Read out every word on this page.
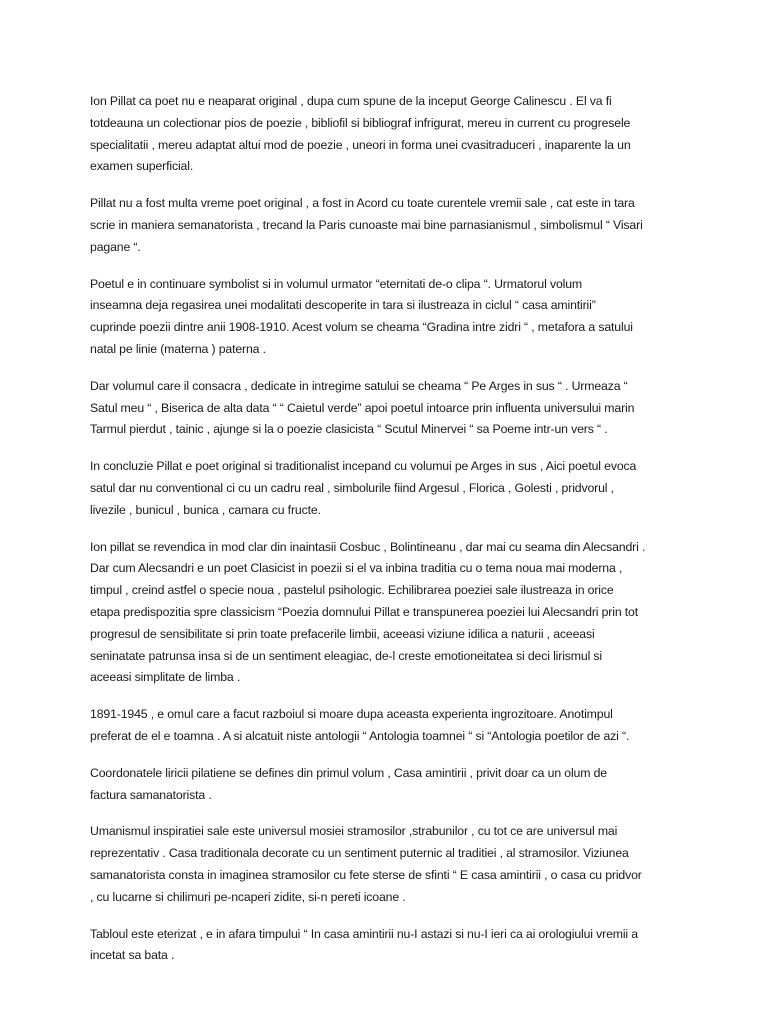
Ion Pillat ca poet nu e neaparat original , dupa cum spune de la inceput George Calinescu . El va fi
totdeauna un colectionar pios de poezie , bibliofil si bibliograf infrigurat, mereu in current cu progresele
specialitatii , mereu adaptat altui mod de poezie , uneori in forma unei cvasitraduceri , inaparente la un
examen superficial.

Pillat nu a fost multa vreme poet original , a fost in Acord cu toate curentele vremii sale , cat este in tara
scrie in maniera semanatorista , trecand la Paris cunoaste mai bine parnasianismul , simbolismul “ Visari
pagane “.

Poetul e in continuare symbolist si in volumul urmator “eternitati de-o clipa “. Urmatorul volum
inseamna deja regasirea unei modalitati descoperite in tara si ilustreaza in ciclul “ casa amintirii”
cuprinde poezii dintre anii 1908-1910. Acest volum se cheama “Gradina intre zidri “ , metafora a satului
natal pe linie (materna ) paterna .

Dar volumul care il consacra , dedicate in intregime satului se cheama “ Pe Arges in sus “ . Urmeaza “
Satul meu “ , Biserica de alta data “ “ Caietul verde” apoi poetul intoarce prin influenta universului marin
Tarmul pierdut , tainic , ajunge si la o poezie clasicista “ Scutul Minervei “ sa Poeme intr-un vers “ .

In concluzie Pillat e poet original si traditionalist incepand cu volumui pe Arges in sus , Aici poetul evoca
satul dar nu conventional ci cu un cadru real , simbolurile fiind Argesul , Florica , Golesti , pridvorul ,
livezile , bunicul , bunica , camara cu fructe.

Ion pillat se revendica in mod clar din inaintasii Cosbuc , Bolintineanu , dar mai cu seama din Alecsandri .
Dar cum Alecsandri e un poet Clasicist in poezii si el va inbina traditia cu o tema noua mai moderna ,
timpul , creind astfel o specie noua , pastelul psihologic. Echilibrarea poeziei sale ilustreaza in orice
etapa predispozitia spre classicism “Poezia domnului Pillat e transpunerea poeziei lui Alecsandri prin tot
progresul de sensibilitate si prin toate prefacerile limbii, aceeasi viziune idilica a naturii , aceeasi
seninatate patrunsa insa si de un sentiment eleagiac, de-l creste emotioneitatea si deci lirismul si
aceeasi simplitate de limba .

1891-1945 , e omul care a facut razboiul si moare dupa aceasta experienta ingrozitoare. Anotimpul
preferat de el e toamna . A si alcatuit niste antologii “ Antologia toamnei “ si “Antologia poetilor de azi “.

Coordonatele liricii pilatiene se defines din primul volum , Casa amintirii , privit doar ca un olum de
factura samanatorista .

Umanismul inspiratiei sale este universul mosiei stramosilor ,strabunilor , cu tot ce are universul mai
reprezentativ . Casa traditionala decorate cu un sentiment puternic al traditiei , al stramosilor. Viziunea
samanatorista consta in imaginea stramosilor cu fete sterse de sfinti “ E casa amintirii , o casa cu pridvor
, cu lucarne si chilimuri pe-ncaperi zidite, si-n pereti icoane .

Tabloul este eterizat , e in afara timpului “ In casa amintirii nu-I astazi si nu-I ieri ca ai orologiului vremii a
incetat sa bata .
